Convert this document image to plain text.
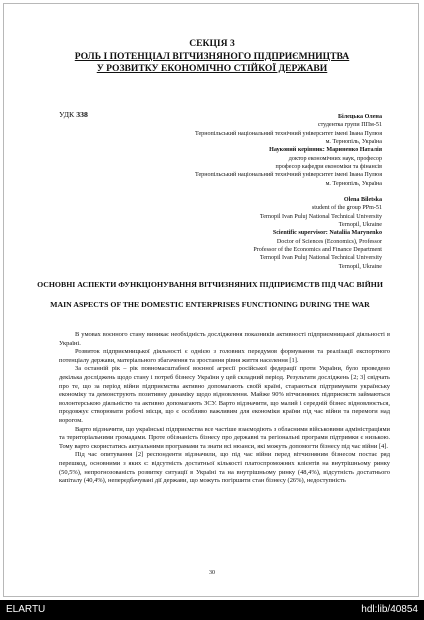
СЕКЦІЯ 3
РОЛЬ І ПОТЕНЦІАЛ ВІТЧИЗНЯНОГО ПІДПРИЄМНИЦТВА
У РОЗВИТКУ ЕКОНОМІЧНО СТІЙКОЇ ДЕРЖАВИ
УДК 338	Білецька Олена
студентка групи ППм-51
Тернопільський національний технічний університет імені Івана Пулюя
м. Тернопіль, Україна
Науковий керівник: Мариненко Наталія
доктор економічних наук, професор
професор кафедри економіки та фінансів
Тернопільський національний технічний університет імені Івана Пулюя
м. Тернопіль, Україна
Olena Biletska
student of the group PPm-51
Ternopil Ivan Puluj National Technical University
Ternopil, Ukraine
Scientific supervisor: Nataliia Marynenko
Doctor of Sciences (Economics), Professor
Professor of the Economics and Finance Department
Ternopil Ivan Puluj National Technical University
Ternopil, Ukraine
ОСНОВНІ АСПЕКТИ ФУНКЦІОНУВАННЯ ВІТЧИЗНЯНИХ ПІДПРИЄМСТВ ПІД ЧАС ВІЙНИ
MAIN ASPECTS OF THE DOMESTIC ENTERPRISES FUNCTIONING DURING THE WAR

В умовах воєнного стану виникає необхідність дослідження показників активності підприємницької діяльності в Україні.

Розвиток підприємницької діяльності є однією з головних передумов формування та реалізації експортного потенціалу держави, матеріального збагачення та зростання рівня життя населення [1].

За останній рік – рік повномасштабної воєнної агресії російської федерації проти України, було проведено декілька досліджень щодо стану і потреб бізнесу України у цей складний період. Результати досліджень [2; 3] свідчать про те, що за період війни підприємства активно допомагають своїй країні, стараються підтримувати українську економіку та демонструють позитивну динаміку щодо відновлення. Майже 90% вітчизняних підприємств займаються волонтерською діяльністю та активно допомагають ЗСУ. Варто відзначити, що малий і середній бізнес відновлюється, продовжує створювати робочі місця, що є особливо важливим для економіки країни під час війни та перемоги над ворогом.

Варто відзначити, що українські підприємства все частіше взаємодіють з обласними військовими адміністраціями та територіальними громадами. Проте обізнаність бізнесу про державні та регіональні програми підтримки є низькою. Тому варто скористатись актуальними програмами та знати всі нюанси, які можуть допомогти бізнесу під час війни [4].

Під час опитування [2] респонденти відзначили, що під час війни перед вітчизняним бізнесом постає ряд перешкод, основними з яких є: відсутність достатньої кількості платоспроможних клієнтів на внутрішньому ринку (50,5%), непрогнозованість розвитку ситуації в Україні та на внутрішньому ринку (48,4%), відсутність достатнього капіталу (40,4%), непередбачувані дії держави, що можуть погіршити стан бізнесу (26%), недоступність

30
ELARTU	hdl:lib/40854
